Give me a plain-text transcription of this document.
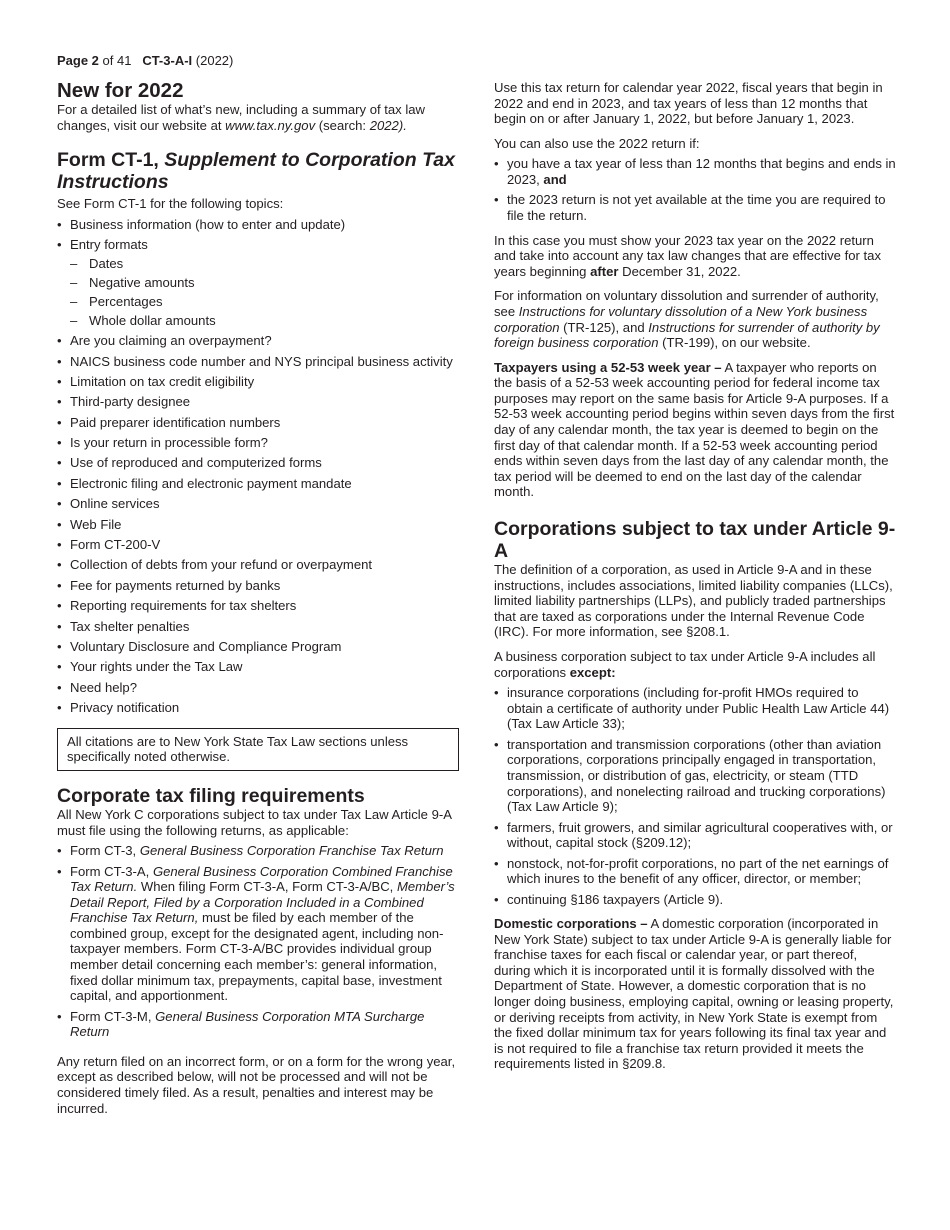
Page 2 of 41 CT-3-A-I (2022)
New for 2022

For a detailed list of what’s new, including a summary of tax law changes, visit our website at www.tax.ny.gov (search: 2022).

Form CT-1, Supplement to Corporation Tax Instructions

See Form CT-1 for the following topics:

• Business information (how to enter and update)
• Entry formats
– Dates
– Negative amounts
– Percentages
– Whole dollar amounts
• Are you claiming an overpayment?
• NAICS business code number and NYS principal business activity
• Limitation on tax credit eligibility
• Third-party designee
• Paid preparer identification numbers
• Is your return in processible form?
• Use of reproduced and computerized forms
• Electronic filing and electronic payment mandate
• Online services
• Web File
• Form CT-200-V
• Collection of debts from your refund or overpayment
• Fee for payments returned by banks
• Reporting requirements for tax shelters
• Tax shelter penalties
• Voluntary Disclosure and Compliance Program
• Your rights under the Tax Law
• Need help?
• Privacy notification
All citations are to New York State Tax Law sections unless specifically noted otherwise.
Corporate tax filing requirements

All New York C corporations subject to tax under Tax Law Article 9-A must file using the following returns, as applicable:

• Form CT-3, General Business Corporation Franchise Tax Return
• Form CT-3-A, General Business Corporation Combined Franchise Tax Return. When filing Form CT-3-A, Form CT-3-A/BC, Member’s Detail Report, Filed by a Corporation Included in a Combined Franchise Tax Return, must be filed by each member of the combined group, except for the designated agent, including non-taxpayer members. Form CT-3-A/BC provides individual group member detail concerning each member’s: general information, fixed dollar minimum tax, prepayments, capital base, investment capital, and apportionment.
• Form CT-3-M, General Business Corporation MTA Surcharge Return

Any return filed on an incorrect form, or on a form for the wrong year, except as described below, will not be processed and will not be considered timely filed. As a result, penalties and interest may be incurred.

Use this tax return for calendar year 2022, fiscal years that begin in 2022 and end in 2023, and tax years of less than 12 months that begin on or after January 1, 2022, but before January 1, 2023.

You can also use the 2022 return if:

• you have a tax year of less than 12 months that begins and ends in 2023, and
• the 2023 return is not yet available at the time you are required to file the return.

In this case you must show your 2023 tax year on the 2022 return and take into account any tax law changes that are effective for tax years beginning after December 31, 2022.

For information on voluntary dissolution and surrender of authority, see Instructions for voluntary dissolution of a New York business corporation (TR-125), and Instructions for surrender of authority by foreign business corporation (TR-199), on our website.

Taxpayers using a 52-53 week year – A taxpayer who reports on the basis of a 52-53 week accounting period for federal income tax purposes may report on the same basis for Article 9-A purposes. If a 52-53 week accounting period begins within seven days from the first day of any calendar month, the tax year is deemed to begin on the first day of that calendar month. If a 52-53 week accounting period ends within seven days from the last day of any calendar month, the tax period will be deemed to end on the last day of the calendar month.

Corporations subject to tax under Article 9-A

The definition of a corporation, as used in Article 9-A and in these instructions, includes associations, limited liability companies (LLCs), limited liability partnerships (LLPs), and publicly traded partnerships that are taxed as corporations under the Internal Revenue Code (IRC). For more information, see §208.1.

A business corporation subject to tax under Article 9-A includes all corporations except:

• insurance corporations (including for-profit HMOs required to obtain a certificate of authority under Public Health Law Article 44) (Tax Law Article 33);
• transportation and transmission corporations (other than aviation corporations, corporations principally engaged in transportation, transmission, or distribution of gas, electricity, or steam (TTD corporations), and nonelecting railroad and trucking corporations) (Tax Law Article 9);
• farmers, fruit growers, and similar agricultural cooperatives with, or without, capital stock (§209.12);
• nonstock, not-for-profit corporations, no part of the net earnings of which inures to the benefit of any officer, director, or member;
• continuing §186 taxpayers (Article 9).

Domestic corporations – A domestic corporation (incorporated in New York State) subject to tax under Article 9-A is generally liable for franchise taxes for each fiscal or calendar year, or part thereof, during which it is incorporated until it is formally dissolved with the Department of State. However, a domestic corporation that is no longer doing business, employing capital, owning or leasing property, or deriving receipts from activity, in New York State is exempt from the fixed dollar minimum tax for years following its final tax year and is not required to file a franchise tax return provided it meets the requirements listed in §209.8.
